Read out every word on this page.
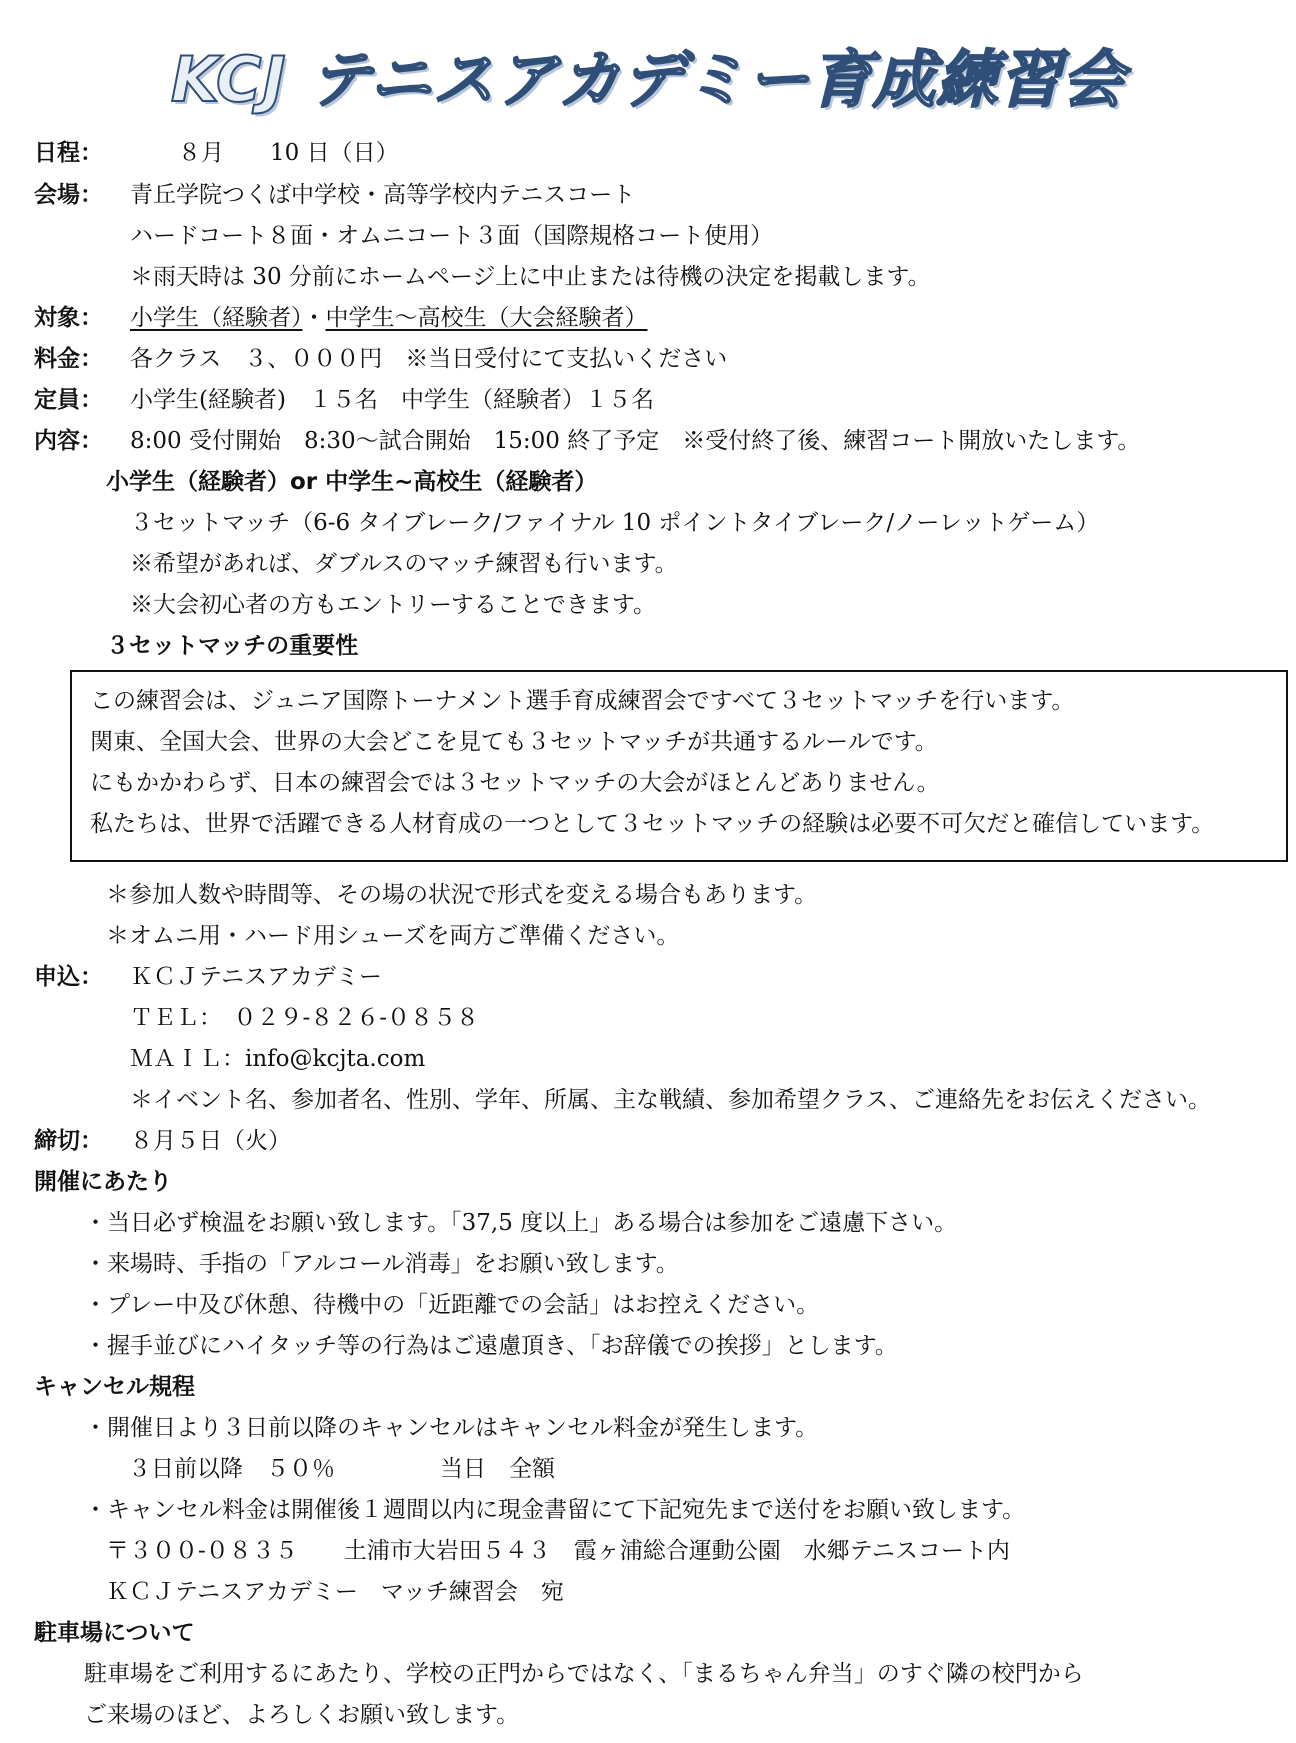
KCJ テニスアカデミー育成練習会
日程：	８月 10 日（日）
会場： 青丘学院つくば中学校・高等学校内テニスコート
ハードコート８面・オムニコート３面（国際規格コート使用）
＊雨天時は 30 分前にホームページ上に中止または待機の決定を掲載します。
対象： 小学生（経験者）・中学生～高校生（大会経験者）
料金： 各クラス　３、０００円　※当日受付にて支払いください
定員： 小学生(経験者)　１５名　中学生（経験者）１５名
内容： 8:00 受付開始　8:30～試合開始　15:00 終了予定　※受付終了後、練習コート開放いたします。
小学生（経験者）or 中学生~高校生（経験者）
３セットマッチ（6-6 タイブレーク/ファイナル 10 ポイントタイブレーク/ノーレットゲーム）
※希望があれば、ダブルスのマッチ練習も行います。
※大会初心者の方もエントリーすることできます。
３セットマッチの重要性
この練習会は、ジュニア国際トーナメント選手育成練習会ですべて３セットマッチを行います。
関東、全国大会、世界の大会どこを見ても３セットマッチが共通するルールです。
にもかかわらず、日本の練習会では３セットマッチの大会がほとんどありません。
私たちは、世界で活躍できる人材育成の一つとして３セットマッチの経験は必要不可欠だと確信しています。
＊参加人数や時間等、その場の状況で形式を変える場合もあります。
＊オムニ用・ハード用シューズを両方ご準備ください。
申込： ＫＣＪテニスアカデミー
ＴＥＬ：　０２９-８２６-０８５８
ＭＡＩＬ：info@kcjta.com
＊イベント名、参加者名、性別、学年、所属、主な戦績、参加希望クラス、ご連絡先をお伝えください。
締切： ８月５日（火）
開催にあたり
・当日必ず検温をお願い致します。「37,5 度以上」ある場合は参加をご遠慮下さい。
・来場時、手指の「アルコール消毒」をお願い致します。
・プレー中及び休憩、待機中の「近距離での会話」はお控えください。
・握手並びにハイタッチ等の行為はご遠慮頂き、「お辞儀での挨拶」とします。
キャンセル規程
・開催日より３日前以降のキャンセルはキャンセル料金が発生します。
３日前以降　５０％	当日　全額
・キャンセル料金は開催後１週間以内に現金書留にて下記宛先まで送付をお願い致します。
〒３００-０８３５　　土浦市大岩田５４３　霞ヶ浦総合運動公園　水郷テニスコート内
ＫＣＪテニスアカデミー　マッチ練習会　宛
駐車場について
駐車場をご利用するにあたり、学校の正門からではなく、「まるちゃん弁当」のすぐ隣の校門から
ご来場のほど、よろしくお願い致します。
